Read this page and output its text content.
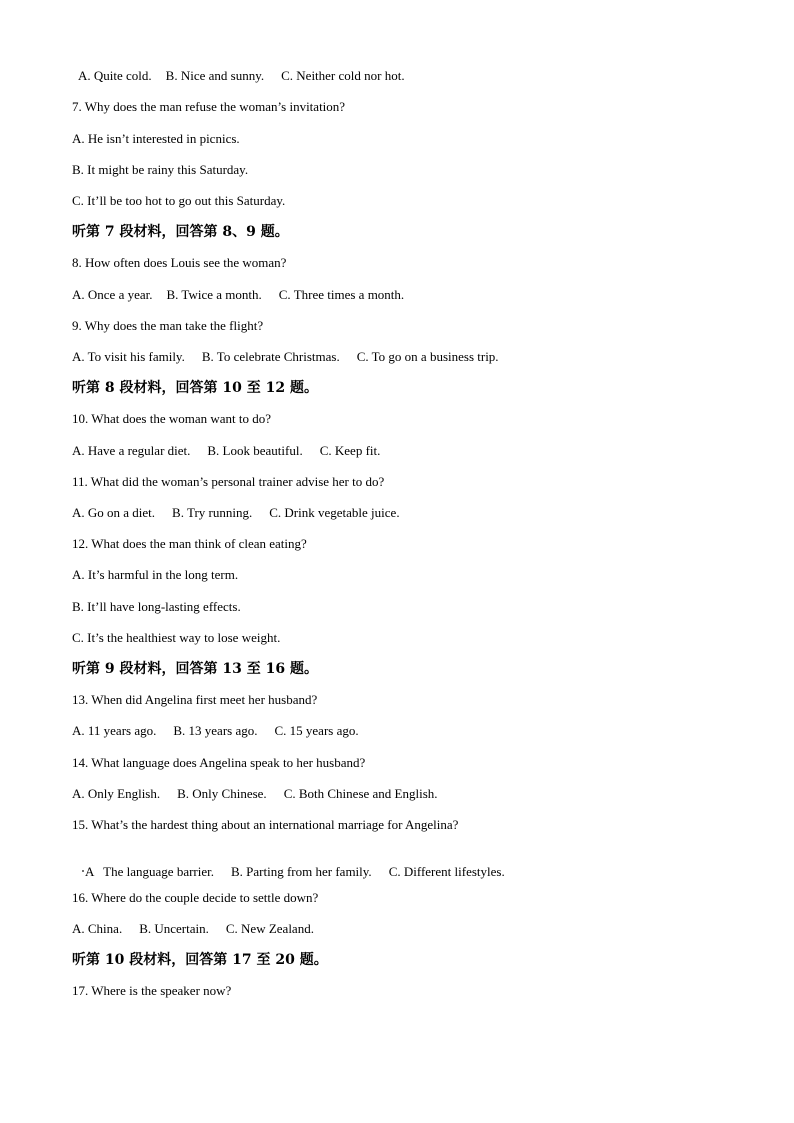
A. Quite cold. B. Nice and sunny. C. Neither cold nor hot.
7. Why does the man refuse the woman’s invitation?
A. He isn’t interested in picnics.
B. It might be rainy this Saturday.
C. It’ll be too hot to go out this Saturday.
听第 7 段材料，回答第 8、9 题。
8. How often does Louis see the woman?
A. Once a year. B. Twice a month. C. Three times a month.
9. Why does the man take the flight?
A. To visit his family. B. To celebrate Christmas. C. To go on a business trip.
听第 8 段材料，回答第 10 至 12 题。
10. What does the woman want to do?
A. Have a regular diet. B. Look beautiful. C. Keep fit.
11. What did the woman’s personal trainer advise her to do?
A. Go on a diet. B. Try running. C. Drink vegetable juice.
12. What does the man think of clean eating?
A. It’s harmful in the long term.
B. It’ll have long-lasting effects.
C. It’s the healthiest way to lose weight.
听第 9 段材料，回答第 13 至 16 题。
13. When did Angelina first meet her husband?
A. 11 years ago. B. 13 years ago. C. 15 years ago.
14. What language does Angelina speak to her husband?
A. Only English. B. Only Chinese. C. Both Chinese and English.
15. What’s the hardest thing about an international marriage for Angelina?

A   The language barrier. B. Parting from her family. C. Different lifestyles.

16. Where do the couple decide to settle down?
A. China. B. Uncertain. C. New Zealand.
听第 10 段材料，回答第 17 至 20 题。
17. Where is the speaker now?
